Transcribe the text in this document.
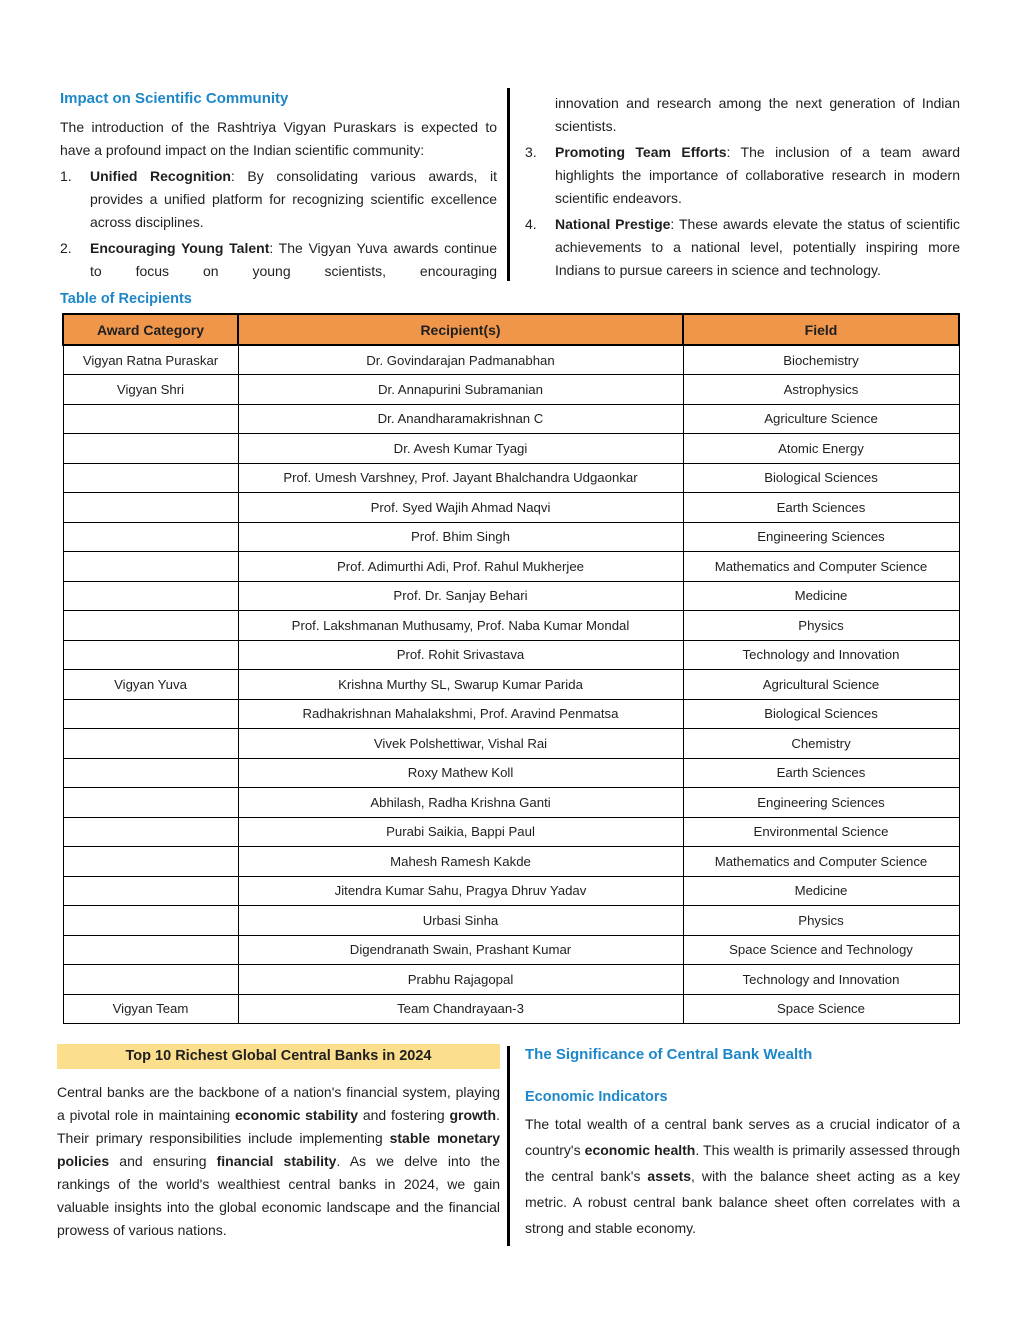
Impact on Scientific Community
The introduction of the Rashtriya Vigyan Puraskars is expected to have a profound impact on the Indian scientific community:
1.	Unified Recognition: By consolidating various awards, it provides a unified platform for recognizing scientific excellence across disciplines.
2.	Encouraging Young Talent: The Vigyan Yuva awards continue to focus on young scientists, encouraging
innovation and research among the next generation of Indian scientists.
3.	Promoting Team Efforts: The inclusion of a team award highlights the importance of collaborative research in modern scientific endeavors.
4.	National Prestige: These awards elevate the status of scientific achievements to a national level, potentially inspiring more Indians to pursue careers in science and technology.
Table of Recipients
Award Category	Recipient(s)	Field
Vigyan Ratna Puraskar	Dr. Govindarajan Padmanabhan	Biochemistry
Vigyan Shri	Dr. Annapurini Subramanian	Astrophysics
	Dr. Anandharamakrishnan C	Agriculture Science
	Dr. Avesh Kumar Tyagi	Atomic Energy
	Prof. Umesh Varshney, Prof. Jayant Bhalchandra Udgaonkar	Biological Sciences
	Prof. Syed Wajih Ahmad Naqvi	Earth Sciences
	Prof. Bhim Singh	Engineering Sciences
	Prof. Adimurthi Adi, Prof. Rahul Mukherjee	Mathematics and Computer Science
	Prof. Dr. Sanjay Behari	Medicine
	Prof. Lakshmanan Muthusamy, Prof. Naba Kumar Mondal	Physics
	Prof. Rohit Srivastava	Technology and Innovation
Vigyan Yuva	Krishna Murthy SL, Swarup Kumar Parida	Agricultural Science
	Radhakrishnan Mahalakshmi, Prof. Aravind Penmatsa	Biological Sciences
	Vivek Polshettiwar, Vishal Rai	Chemistry
	Roxy Mathew Koll	Earth Sciences
	Abhilash, Radha Krishna Ganti	Engineering Sciences
	Purabi Saikia, Bappi Paul	Environmental Science
	Mahesh Ramesh Kakde	Mathematics and Computer Science
	Jitendra Kumar Sahu, Pragya Dhruv Yadav	Medicine
	Urbasi Sinha	Physics
	Digendranath Swain, Prashant Kumar	Space Science and Technology
	Prabhu Rajagopal	Technology and Innovation
Vigyan Team	Team Chandrayaan-3	Space Science
Top 10 Richest Global Central Banks in 2024
Central banks are the backbone of a nation's financial system, playing a pivotal role in maintaining economic stability and fostering growth. Their primary responsibilities include implementing stable monetary policies and ensuring financial stability. As we delve into the rankings of the world's wealthiest central banks in 2024, we gain valuable insights into the global economic landscape and the financial prowess of various nations.
The Significance of Central Bank Wealth
Economic Indicators
The total wealth of a central bank serves as a crucial indicator of a country's economic health. This wealth is primarily assessed through the central bank's assets, with the balance sheet acting as a key metric. A robust central bank balance sheet often correlates with a strong and stable economy.
